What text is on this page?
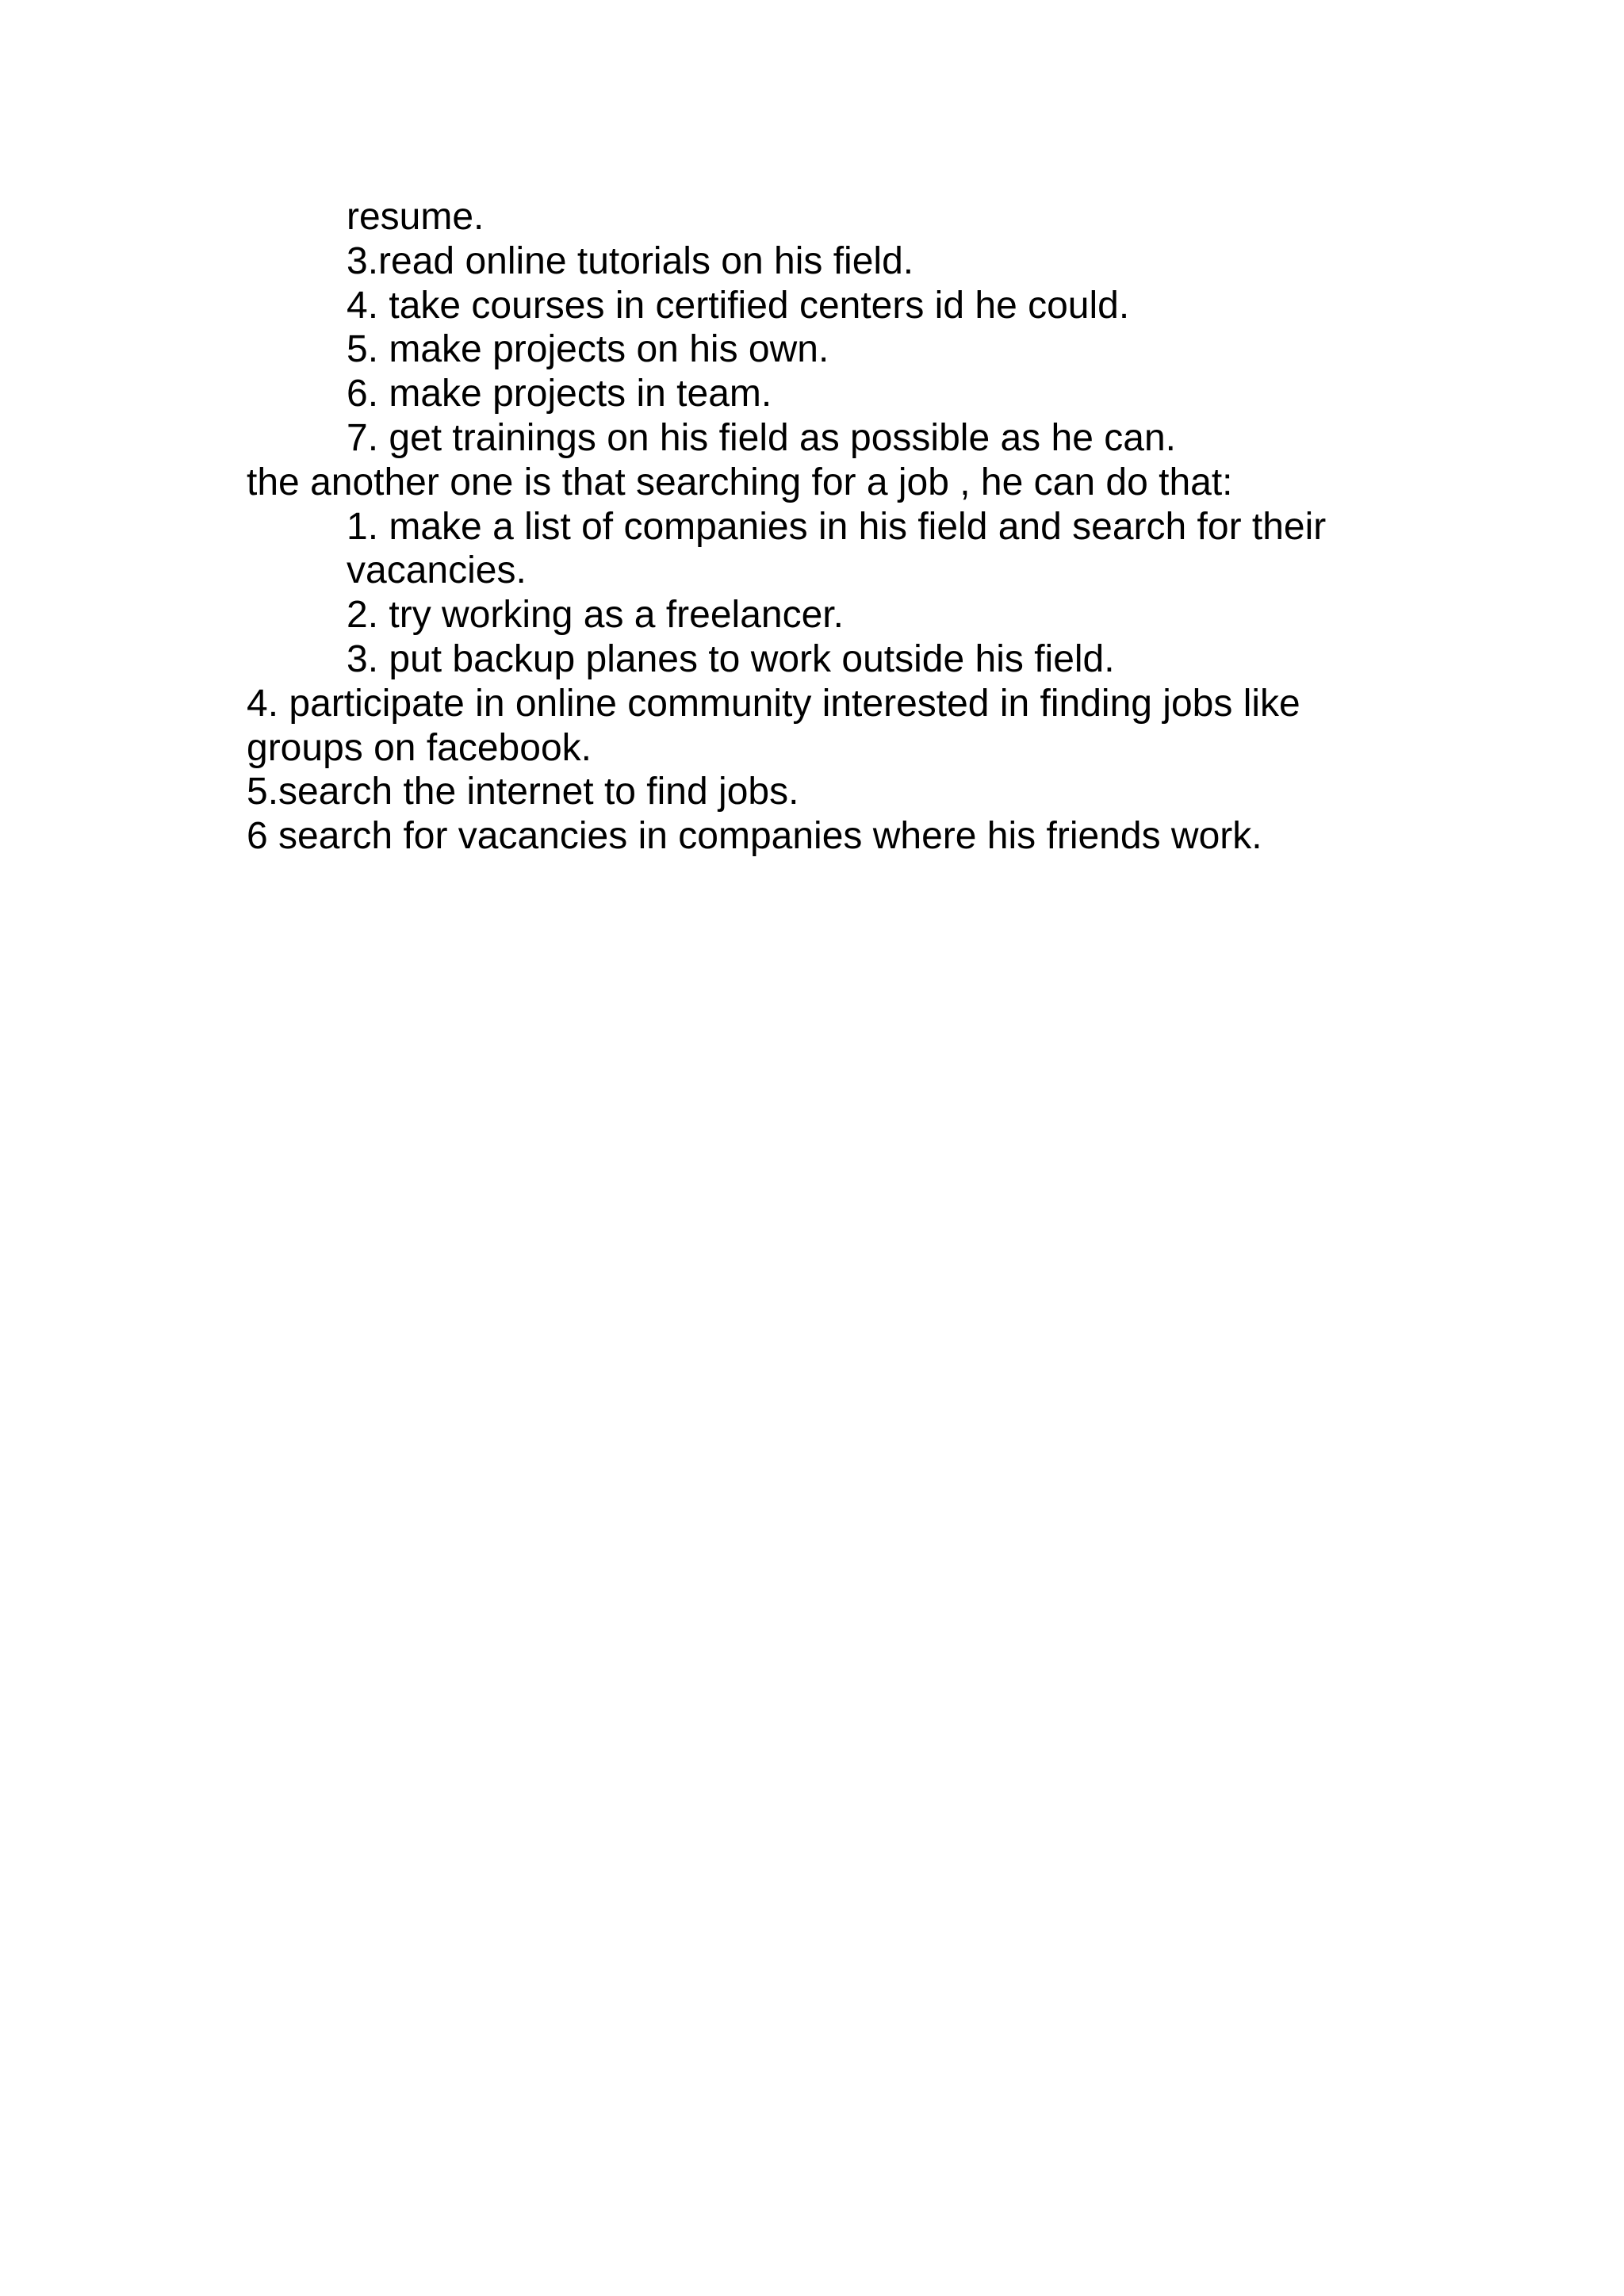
resume.
3.read online tutorials on his field.
4. take courses in certified centers id he could.
5. make projects on his own.
6. make projects in team.
7. get trainings on his field as possible as he can.
the another one is that searching for a job , he can do that:
1. make a list of companies in his field and search for their
vacancies.
2. try working as a freelancer.
3. put backup planes to work outside his field.
4. participate in online community interested in finding jobs like
groups on facebook.
5.search the internet to find jobs.
6 search for vacancies in companies where his friends work.
